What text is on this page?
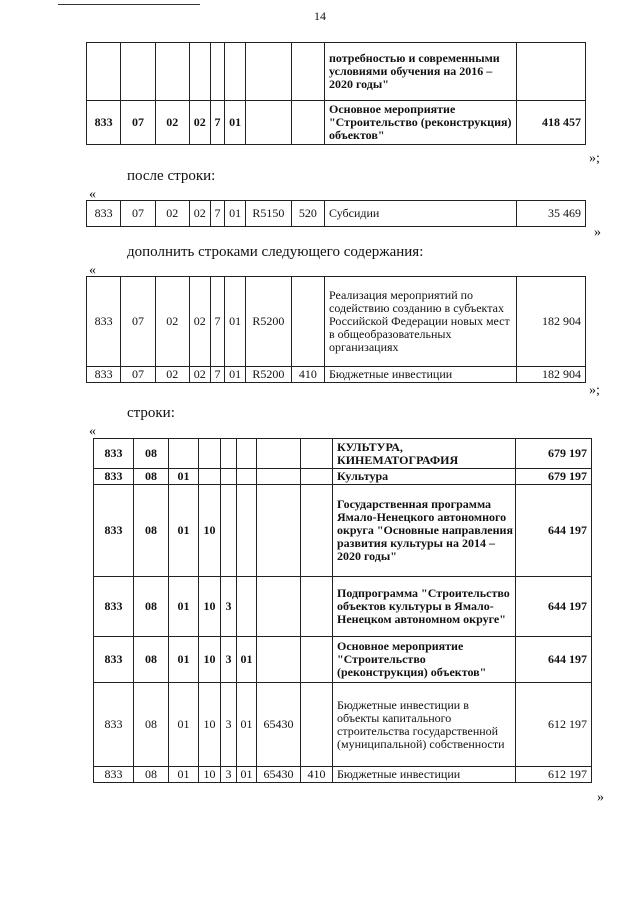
14
								потребностью и современными условиями обучения на 2016 – 2020 годы"	
833	07	02	02	7	01			Основное мероприятие "Строительство (реконструкция) объектов"	418 457
»;
после строки:
«
833	07	02	02	7	01	R5150	520	Субсидии	35 469
»
дополнить строками следующего содержания:
«
833	07	02	02	7	01	R5200		Реализация мероприятий по содействию созданию в субъектах Российской Федерации новых мест в общеобразовательных организациях	182 904
833	07	02	02	7	01	R5200	410	Бюджетные инвестиции	182 904
»;
строки:
«
833	08							КУЛЬТУРА, КИНЕМАТОГРАФИЯ	679 197
833	08	01						Культура	679 197
833	08	01	10					Государственная программа Ямало-Ненецкого автономного округа "Основные направления развития культуры на 2014 – 2020 годы"	644 197
833	08	01	10	3				Подпрограмма "Строительство объектов культуры в Ямало-Ненецком автономном округе"	644 197
833	08	01	10	3	01			Основное мероприятие "Строительство (реконструкция) объектов"	644 197
833	08	01	10	3	01	65430		Бюджетные инвестиции в объекты капитального строительства государственной (муниципальной) собственности	612 197
833	08	01	10	3	01	65430	410	Бюджетные инвестиции	612 197
»
